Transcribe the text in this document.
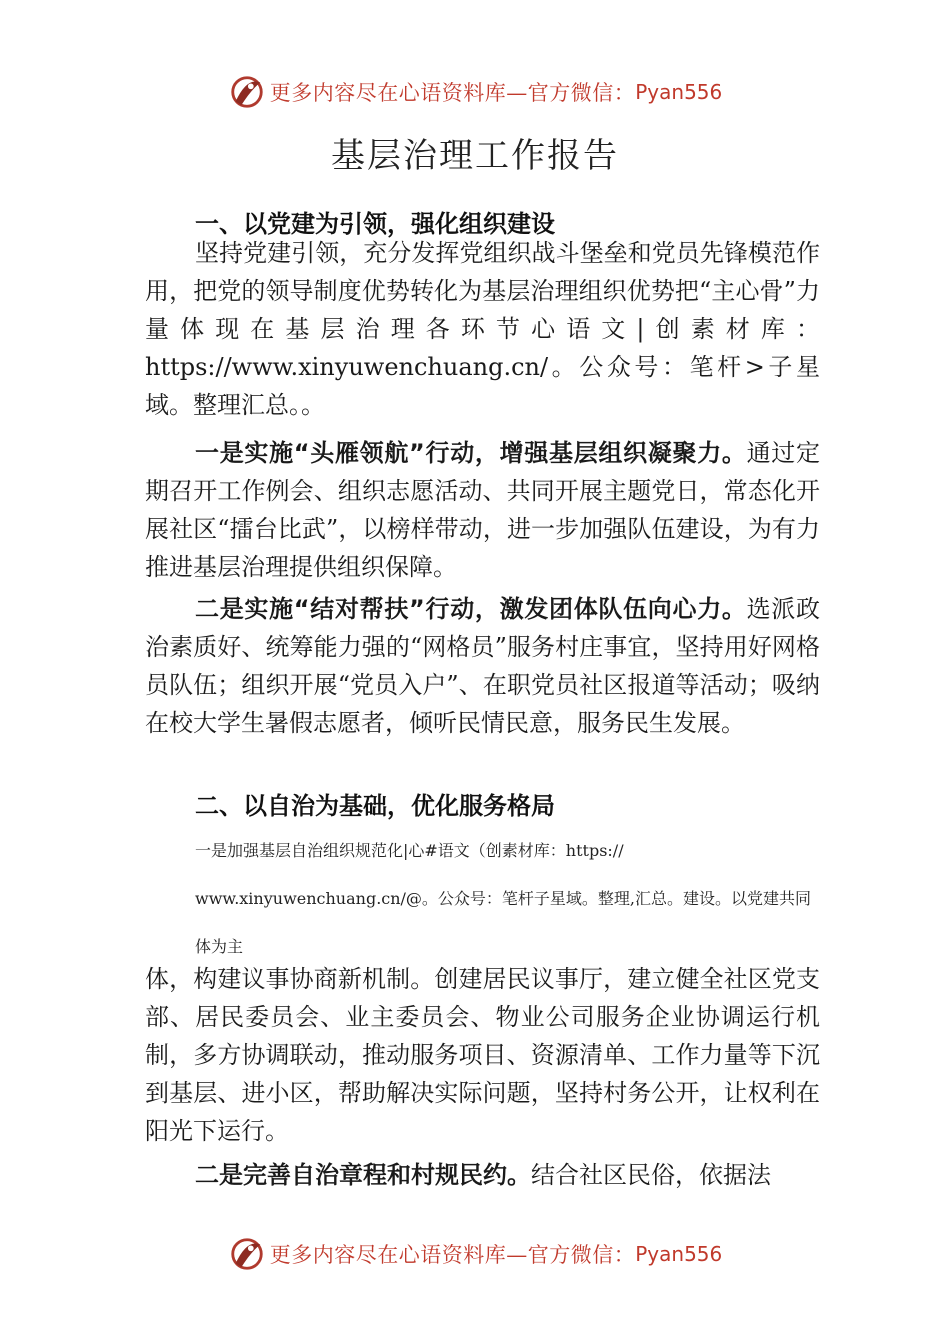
更多内容尽在心语资料库—官方微信： Pyan556
基层治理工作报告
一、以党建为引领，强化组织建设
坚持党建引领，充分发挥党组织战斗堡垒和党员先锋模范作用，把党的领导制度优势转化为基层治理组织优势把“主心骨”力量体现在基层治理各环节心语文|创素材库：https://www.xinyuwenchuang.cn/。公众号：笔杆>子星域。整理汇总。。
一是实施“头雁领航”行动，增强基层组织凝聚力。通过定期召开工作例会、组织志愿活动、共同开展主题党日，常态化开展社区“擂台比武”，以榜样带动，进一步加强队伍建设，为有力推进基层治理提供组织保障。
二是实施“结对帮扶”行动，激发团体队伍向心力。选派政治素质好、统筹能力强的“网格员”服务村庄事宜，坚持用好网格员队伍；组织开展“党员入户”、在职党员社区报道等活动；吸纳在校大学生暑假志愿者，倾听民情民意，服务民生发展。
二、以自治为基础，优化服务格局
一是加强基层自治组织规范化|心#语文（创素材库：https://
www.xinyuwenchuang.cn/@。公众号：笔杆子星域。整理,汇总。建设。以党建共同
体为主
体，构建议事协商新机制。创建居民议事厅，建立健全社区党支部、居民委员会、业主委员会、物业公司服务企业协调运行机制，多方协调联动，推动服务项目、资源清单、工作力量等下沉到基层、进小区，帮助解决实际问题，坚持村务公开，让权利在阳光下运行。
二是完善自治章程和村规民约。结合社区民俗，依据法
更多内容尽在心语资料库—官方微信： Pyan556
